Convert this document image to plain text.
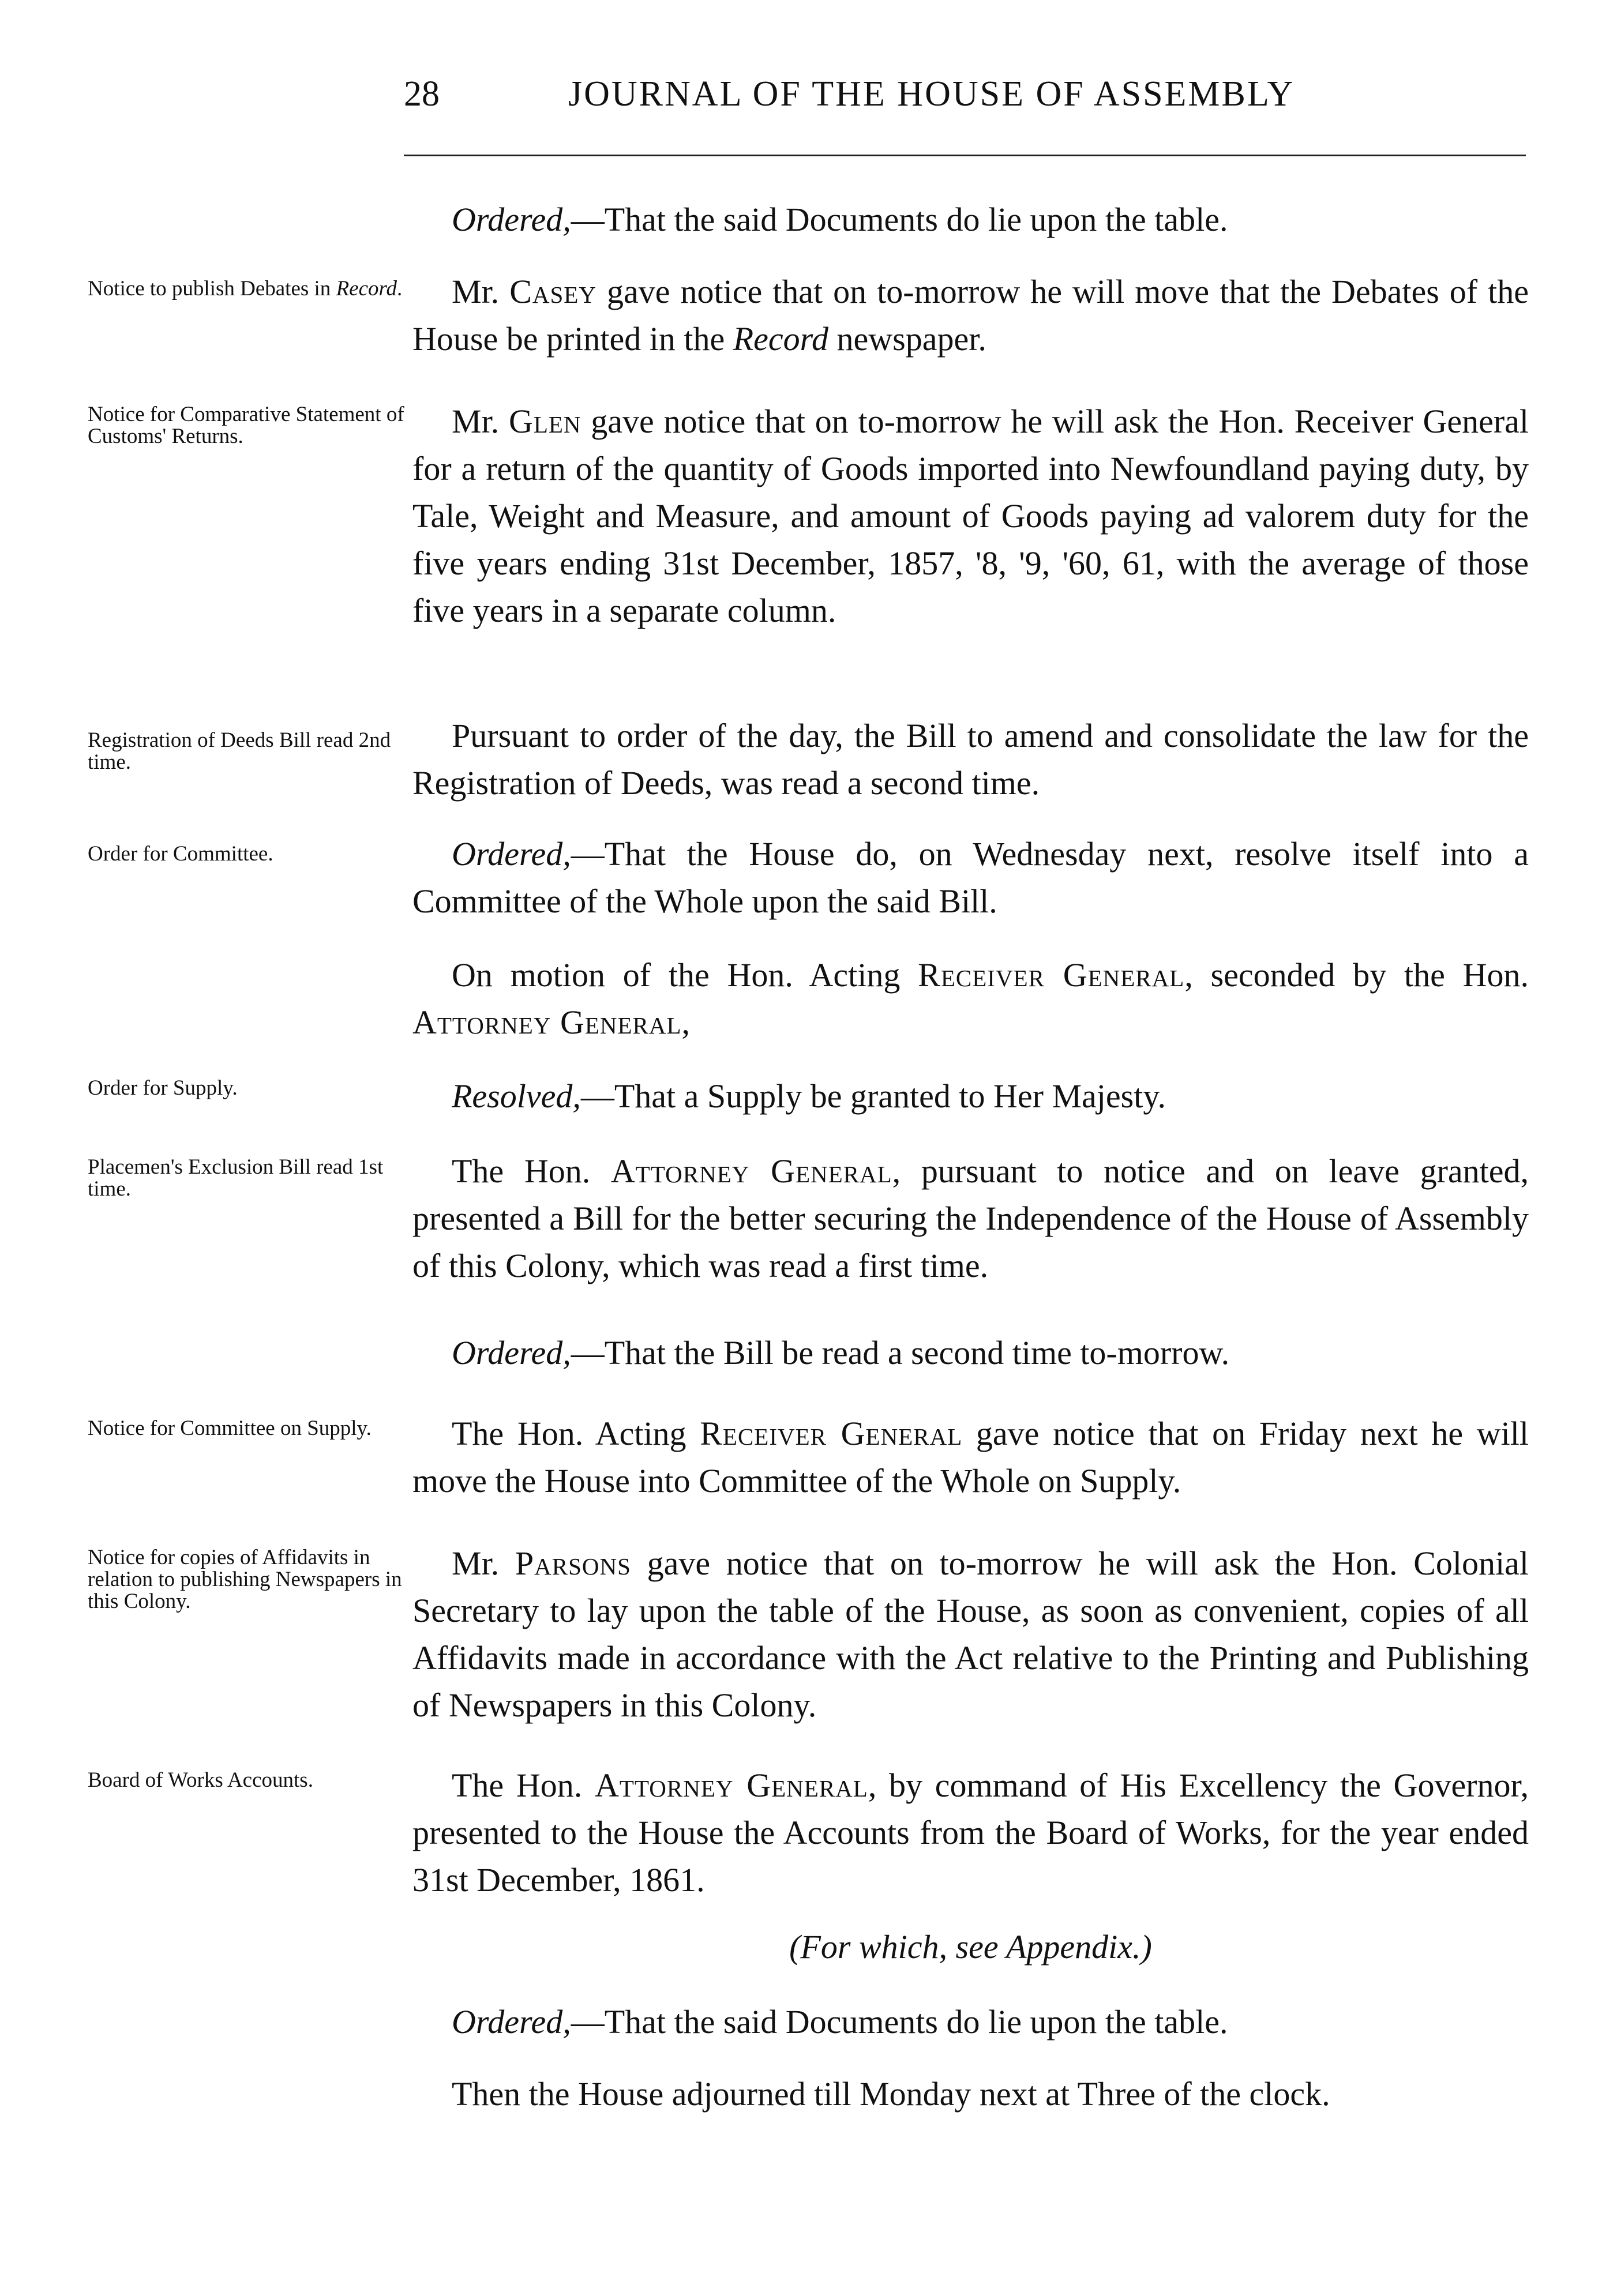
28	JOURNAL OF THE HOUSE OF ASSEMBLY

Ordered,—That the said Documents do lie upon the table.

Notice to publish Debates in Record.	Mr. Casey gave notice that on to-morrow he will move that the Debates of the House be printed in the Record newspaper.

Notice for Comparative Statement of Customs' Returns.	Mr. Glen gave notice that on to-morrow he will ask the Hon. Receiver General for a return of the quantity of Goods imported into Newfoundland paying duty, by Tale, Weight and Measure, and amount of Goods paying ad valorem duty for the five years ending 31st December, 1857, '8, '9, '60, 61, with the average of those five years in a separate column.

Registration of Deeds Bill read 2nd time.

Pursuant to order of the day, the Bill to amend and consolidate the law for the Registration of Deeds, was read a second time.

Order for Committee.	Ordered,—That the House do, on Wednesday next, resolve itself into a Committee of the Whole upon the said Bill.

On motion of the Hon. Acting Receiver General, seconded by the Hon. Attorney General,

Order for Supply.	Resolved,—That a Supply be granted to Her Majesty.

Placemen's Exclusion Bill read 1st time.	The Hon. Attorney General, pursuant to notice and on leave granted, presented a Bill for the better securing the Independence of the House of Assembly of this Colony, which was read a first time.

Ordered,—That the Bill be read a second time to-morrow.

Notice for Committee on Supply.	The Hon. Acting Receiver General gave notice that on Friday next he will move the House into Committee of the Whole on Supply.

Notice for copies of Affidavits in relation to publishing Newspapers in this Colony.

Mr. Parsons gave notice that on to-morrow he will ask the Hon. Colonial Secretary to lay upon the table of the House, as soon as convenient, copies of all Affidavits made in accordance with the Act relative to the Printing and Publishing of Newspapers in this Colony.

Board of Works Accounts.	The Hon. Attorney General, by command of His Excellency the Governor, presented to the House the Accounts from the Board of Works, for the year ended 31st December, 1861.

(For which, see Appendix.)

Ordered,—That the said Documents do lie upon the table.

Then the House adjourned till Monday next at Three of the clock.
